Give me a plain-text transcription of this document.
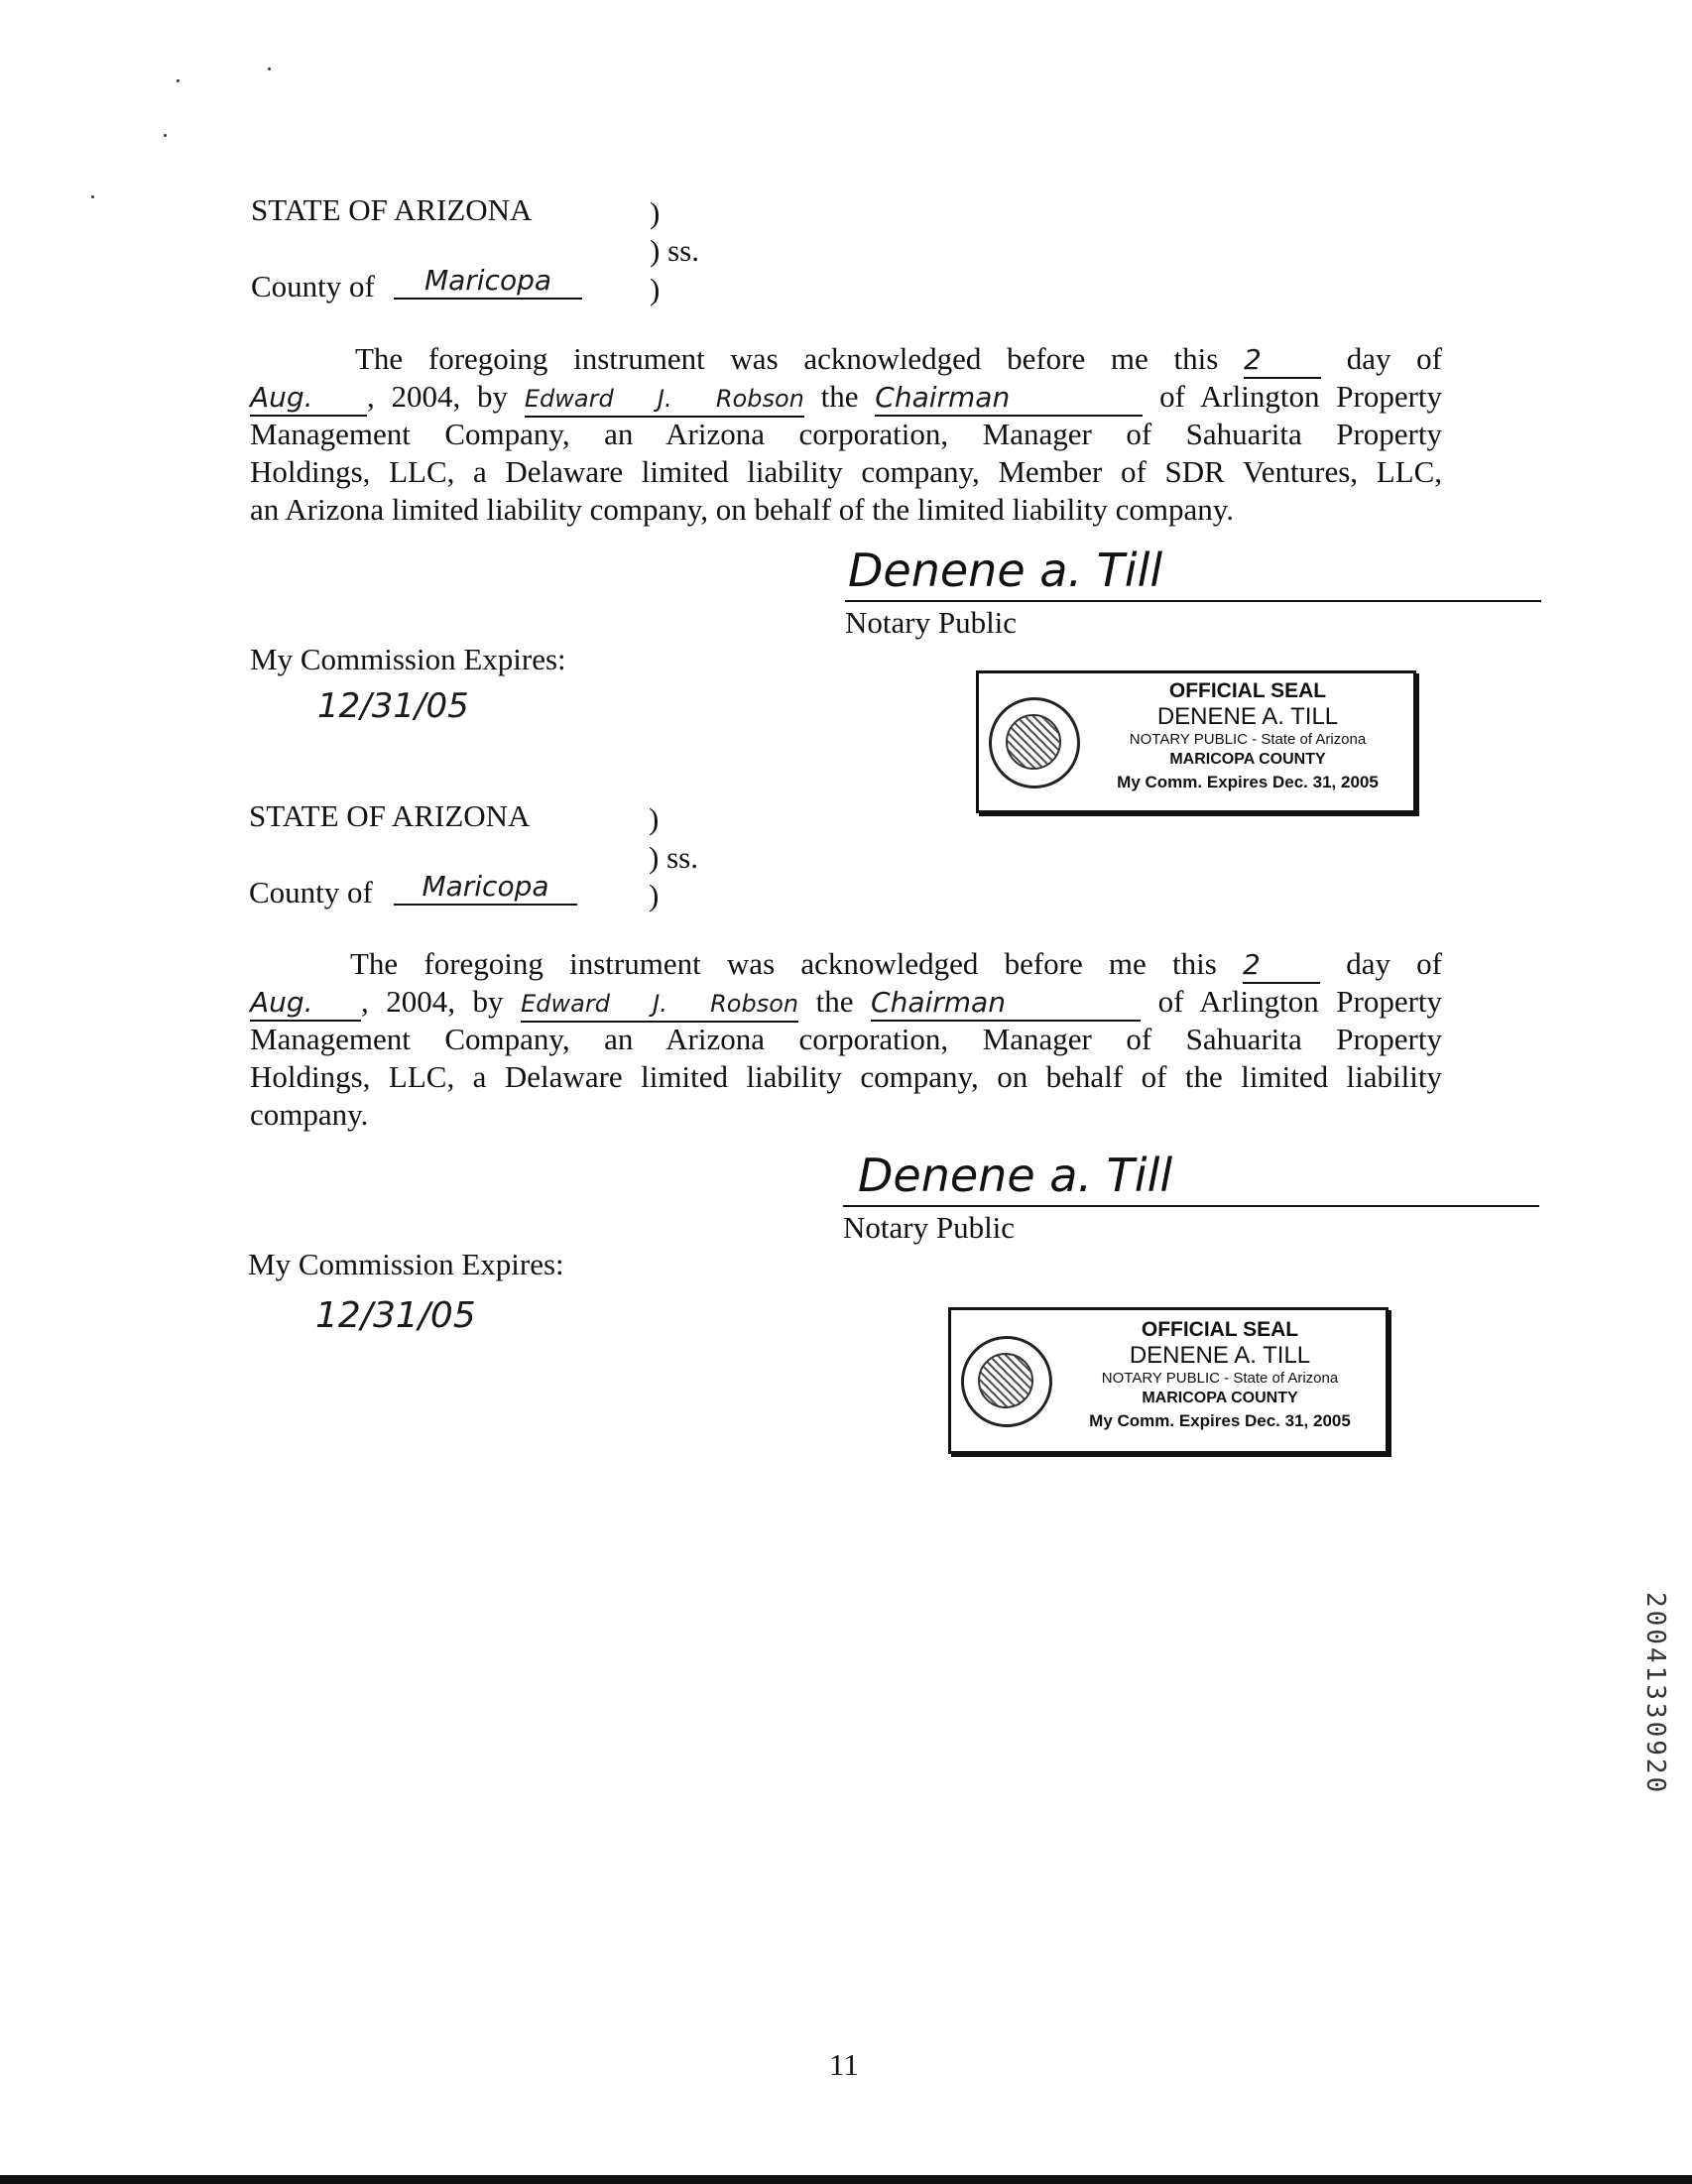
STATE OF ARIZONA	)
) ss.
County of	Maricopa	)
The foregoing instrument was acknowledged before me this 2	day of
Aug. , 2004, by Edward J. Robson the Chairman	of Arlington Property
Management Company, an Arizona corporation, Manager of Sahuarita Property
Holdings, LLC, a Delaware limited liability company, Member of SDR Ventures, LLC,
an Arizona limited liability company, on behalf of the limited liability company.
Denene a. Till
Notary Public
My Commission Expires:
12/31/05	OFFICIAL SEAL
DENENE A. TILL
NOTARY PUBLIC - State of Arizona
MARICOPA COUNTY
My Comm. Expires Dec. 31, 2005
STATE OF ARIZONA	)
) ss.
County of	Maricopa	)
The foregoing instrument was acknowledged before me this 2	day of
Aug. , 2004, by Edward J. Robson the Chairman	of Arlington Property
Management Company, an Arizona corporation, Manager of Sahuarita Property
Holdings, LLC, a Delaware limited liability company, on behalf of the limited liability
company.
Denene a. Till
Notary Public
My Commission Expires:
12/31/05	OFFICIAL SEAL
DENENE A. TILL
NOTARY PUBLIC - State of Arizona
MARICOPA COUNTY
My Comm. Expires Dec. 31, 2005
20041330920
11
